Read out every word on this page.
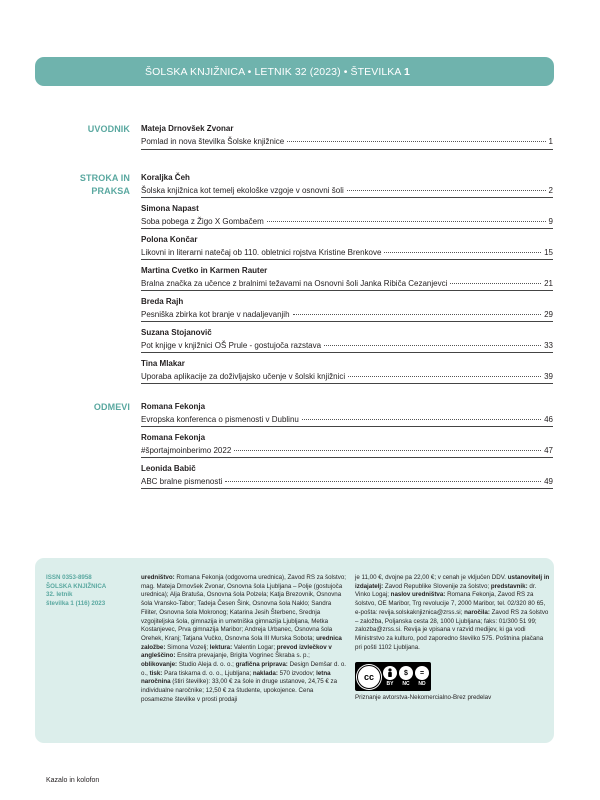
ŠOLSKA KNJIŽNICA • LETNIK 32 (2023) • ŠTEVILKA 1
UVODNIK Mateja Drnovšek Zvonar

Pomlad in nova številka Šolske knjižnice	1
STROKA IN
PRAKSA

Koraljka Čeh

Šolska knjižnica kot temelj ekološke vzgoje v osnovni šoli	2

Simona Napast

Soba pobega z Žigo X Gombačem	9

Polona Končar

Likovni in literarni natečaj ob 110. obletnici rojstva Kristine Brenkove	15

Martina Cvetko in Karmen Rauter

Bralna značka za učence z bralnimi težavami na Osnovni šoli Janka Ribiča Cezanjevci	21

Breda Rajh

Pesniška zbirka kot branje v nadaljevanjih	29

Suzana Stojanovič

Pot knjige v knjižnici OŠ Prule - gostujoča razstava	33

Tina Mlakar

Uporaba aplikacije za doživljajsko učenje v šolski knjižnici	39
ODMEVI Romana Fekonja

Evropska konferenca o pismenosti v Dublinu	46

Romana Fekonja

#športajmoinberimo 2022	47

Leonida Babič

ABC bralne pismenosti	49
ISSN 0353-8958
ŠOLSKA KNJIŽNICA
32. letnik
številka 1 (116) 2023
uredništvo: Romana Fekonja (odgovorna urednica), Zavod RS za šolstvo; mag. Mateja Drnovšek Zvonar, Osnovna šola Ljubljana – Polje (gostujoča urednica); Alja Bratuša, Osnovna šola Polzela; Katja Brezovnik, Osnovna šola Vransko-Tabor; Tadeja Česen Šink, Osnovna šola Naklo; Sandra Filiter, Osnovna šola Mokronog; Katarina Jesih Šterbenc, Srednja vzgojiteljska šola, gimnazija in umetniška gimnazija Ljubljana, Metka Kostanjevec, Prva gimnazija Maribor; Andreja Urbanec, Osnovna šola Orehek, Kranj; Tatjana Vučko, Osnovna šola III Murska Sobota; urednica založbe: Simona Vozelj; lektura: Valentin Logar; prevod izvlečkov v angleščino: Ensitra prevajanje, Brigita Vogrinec Škraba s. p.; oblikovanje: Studio Aleja d. o. o.; grafična priprava: Design Demšar d. o. o., tisk: Para tiskarna d. o. o., Ljubljana; naklada: 570 izvodov; letna naročnina (štiri številke): 33,00 € za šole in druge ustanove, 24,75 € za individualne naročnike; 12,50 € za študente, upokojence. Cena posamezne številke v prosti prodaji
je 11,00 €, dvojne pa 22,00 €; v cenah je vključen DDV. ustanovitelj in izdajatelj: Zavod Republike Slovenije za šolstvo; predstavnik: dr. Vinko Logaj; naslov uredništva: Romana Fekonja, Zavod RS za šolstvo, OE Maribor, Trg revolucije 7, 2000 Maribor, tel. 02/320 80 65, e-pošta: revija.solskaknjiznica@zrss.si; naročila: Zavod RS za šolstvo – založba, Poljanska cesta 28, 1000 Ljubljana; faks: 01/300 51 99; zalozba@zrss.si. Revija je vpisana v razvid medijev, ki ga vodi Ministrstvo za kulturo, pod zaporedno številko 575. Poštnina plačana pri pošti 1102 Ljubljana.
cc
BY
$
NC
=
ND
Priznanje avtorstva-Nekomercialno-Brez predelav
Kazalo in kolofon
